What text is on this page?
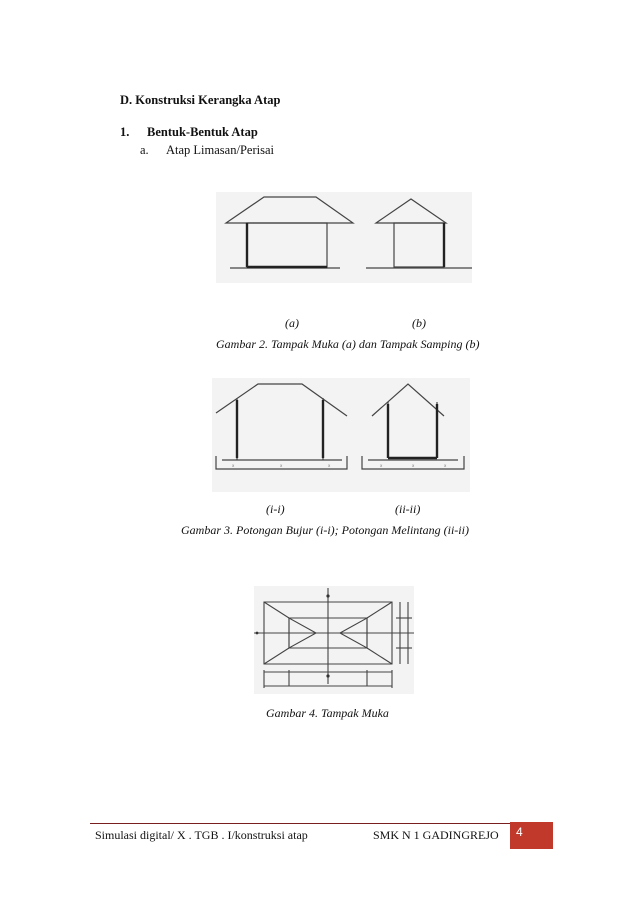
D. Konstruksi Kerangka Atap
1. Bentuk-Bentuk Atap
a. Atap Limasan/Perisai
(a)	(b)
Gambar 2. Tampak Muka (a) dan Tampak Samping (b)
x	x	x	x	x	x
(i-i)	(ii-ii)
Gambar 3. Potongan Bujur (i-i); Potongan Melintang (ii-ii)
Gambar 4. Tampak Muka
Simulasi digital/ X . TGB . I/konstruksi atap	SMK N 1 GADINGREJO 4
